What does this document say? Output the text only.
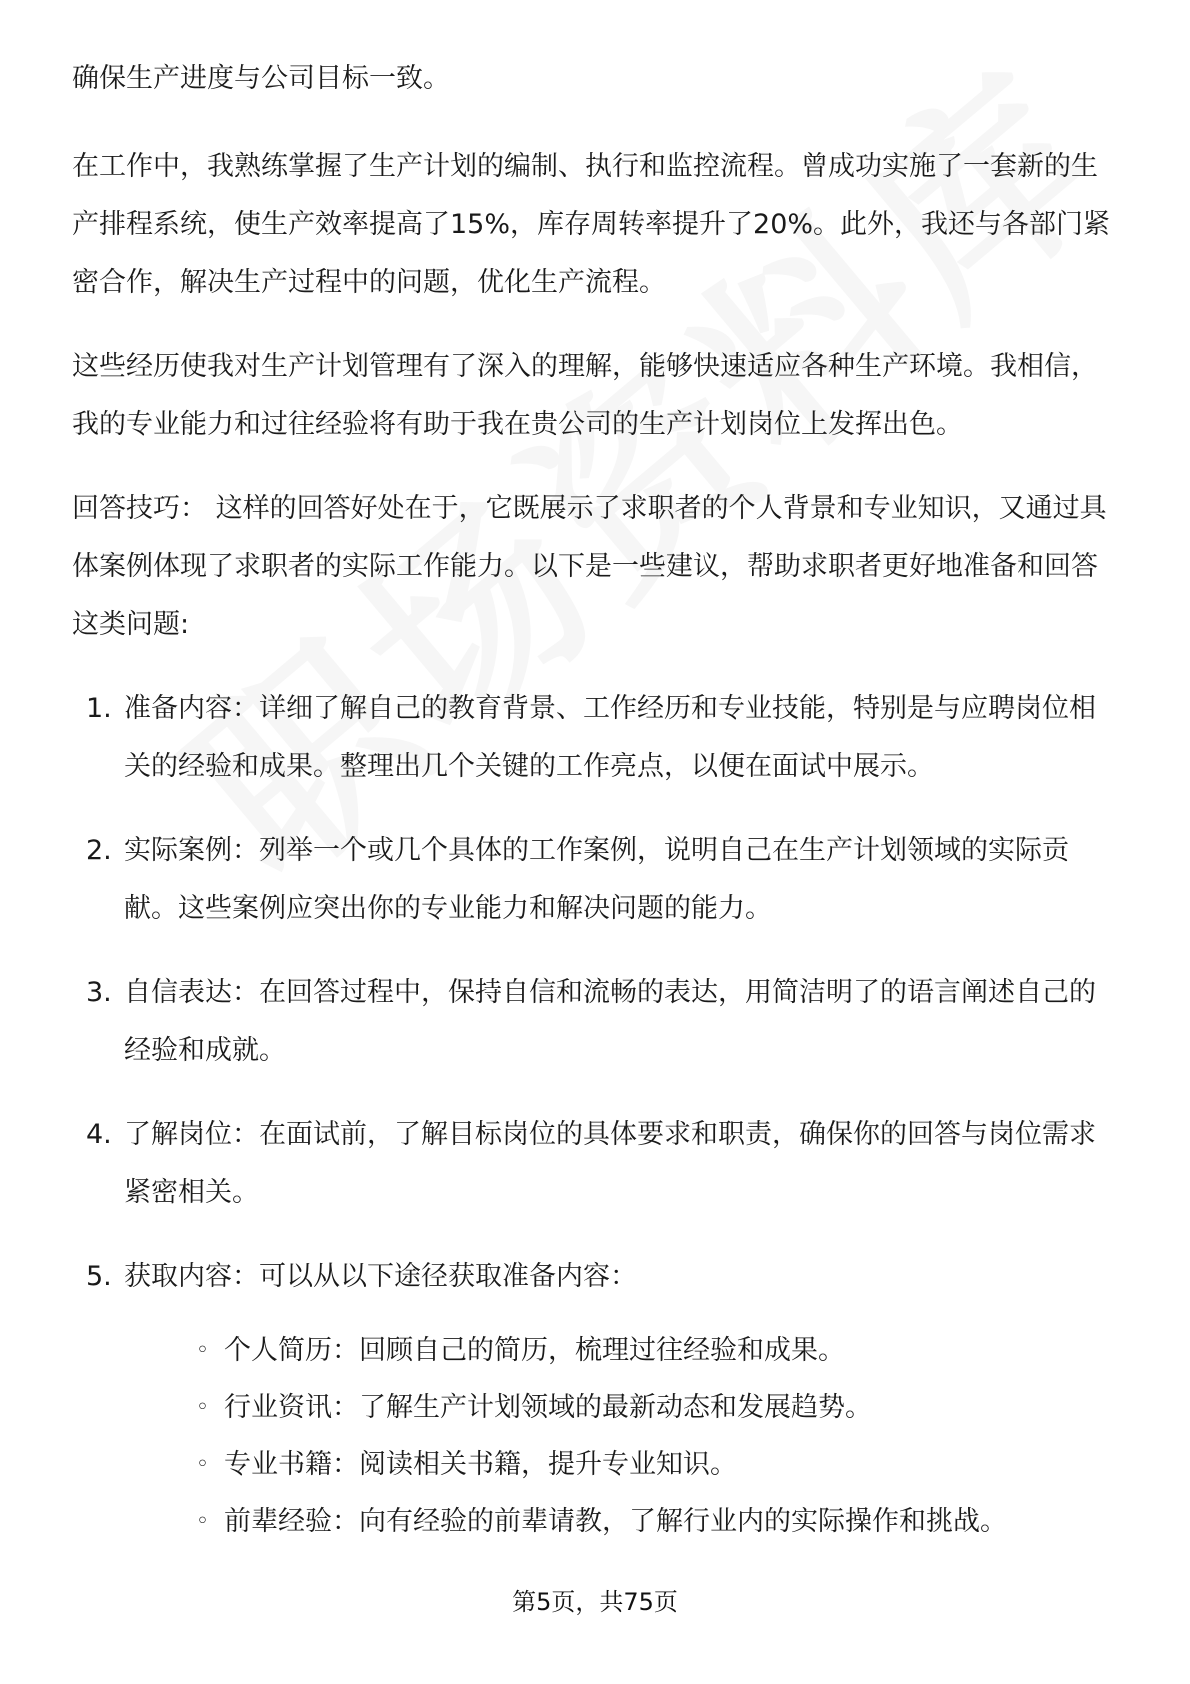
确保生产进度与公司目标一致。

在工作中，我熟练掌握了生产计划的编制、执行和监控流程。曾成功实施了一套新的生产排程系统，使生产效率提高了15%，库存周转率提升了20%。此外，我还与各部门紧密合作，解决生产过程中的问题，优化生产流程。

这些经历使我对生产计划管理有了深入的理解，能够快速适应各种生产环境。我相信，我的专业能力和过往经验将有助于我在贵公司的生产计划岗位上发挥出色。

回答技巧： 这样的回答好处在于，它既展示了求职者的个人背景和专业知识，又通过具体案例体现了求职者的实际工作能力。以下是一些建议，帮助求职者更好地准备和回答这类问题:

1. 准备内容：详细了解自己的教育背景、工作经历和专业技能，特别是与应聘岗位相关的经验和成果。整理出几个关键的工作亮点，以便在面试中展示。
2. 实际案例：列举一个或几个具体的工作案例，说明自己在生产计划领域的实际贡献。这些案例应突出你的专业能力和解决问题的能力。
3. 自信表达：在回答过程中，保持自信和流畅的表达，用简洁明了的语言阐述自己的经验和成就。
4. 了解岗位：在面试前，了解目标岗位的具体要求和职责，确保你的回答与岗位需求紧密相关。
5. 获取内容：可以从以下途径获取准备内容：
◦ 个人简历：回顾自己的简历，梳理过往经验和成果。
◦ 行业资讯：了解生产计划领域的最新动态和发展趋势。
◦ 专业书籍：阅读相关书籍，提升专业知识。
◦ 前辈经验：向有经验的前辈请教，了解行业内的实际操作和挑战。
第5页，共75页
